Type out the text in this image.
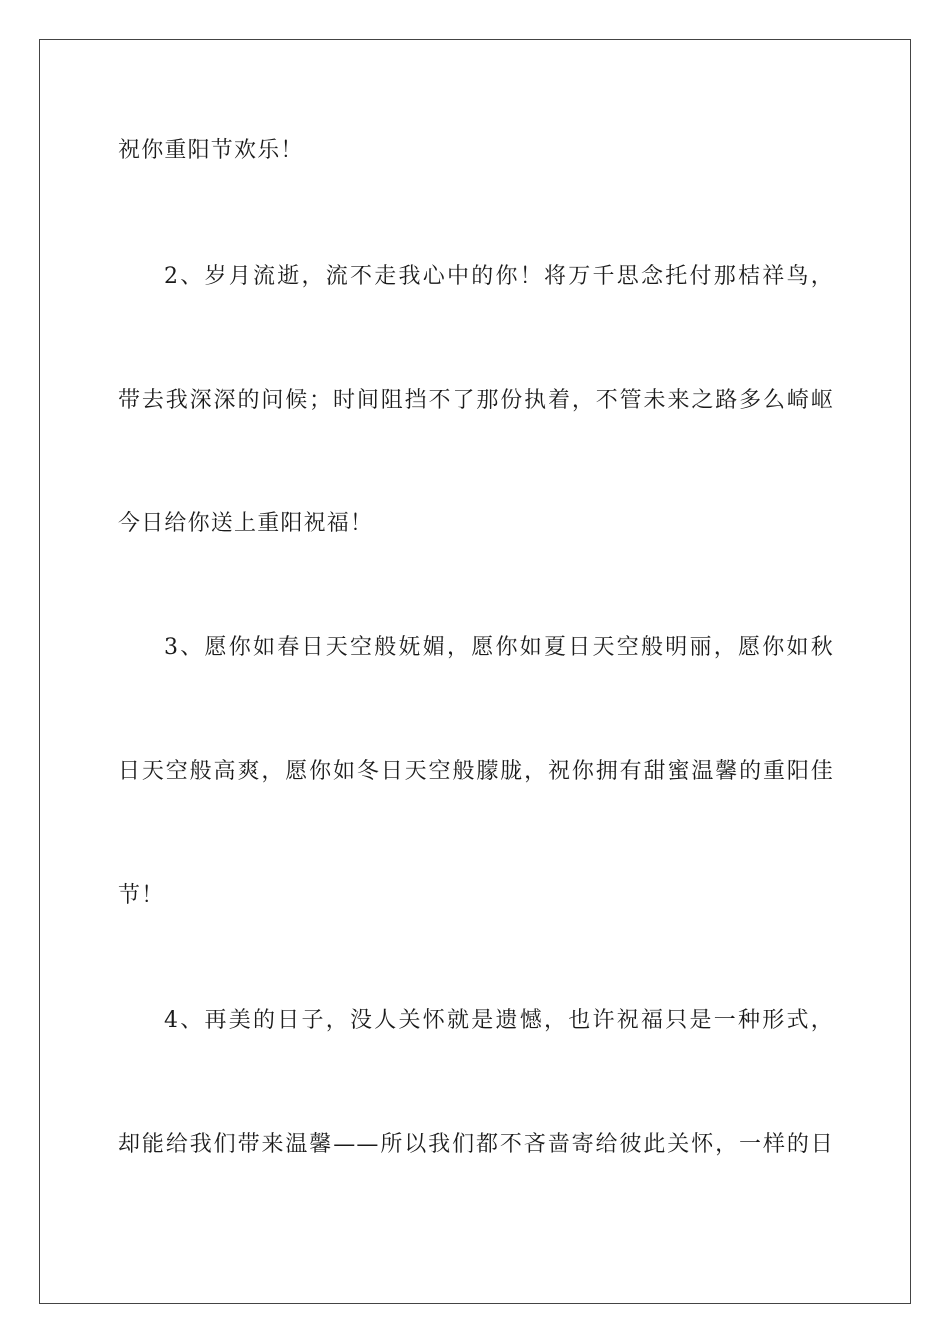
祝你重阳节欢乐！
2、岁月流逝，流不走我心中的你！将万千思念托付那桔祥鸟，
带去我深深的问候；时间阻挡不了那份执着，不管未来之路多么崎岖
今日给你送上重阳祝福！
3、愿你如春日天空般妩媚，愿你如夏日天空般明丽，愿你如秋
日天空般高爽，愿你如冬日天空般朦胧，祝你拥有甜蜜温馨的重阳佳
节！
4、再美的日子，没人关怀就是遗憾，也许祝福只是一种形式，
却能给我们带来温馨——所以我们都不吝啬寄给彼此关怀，一样的日
